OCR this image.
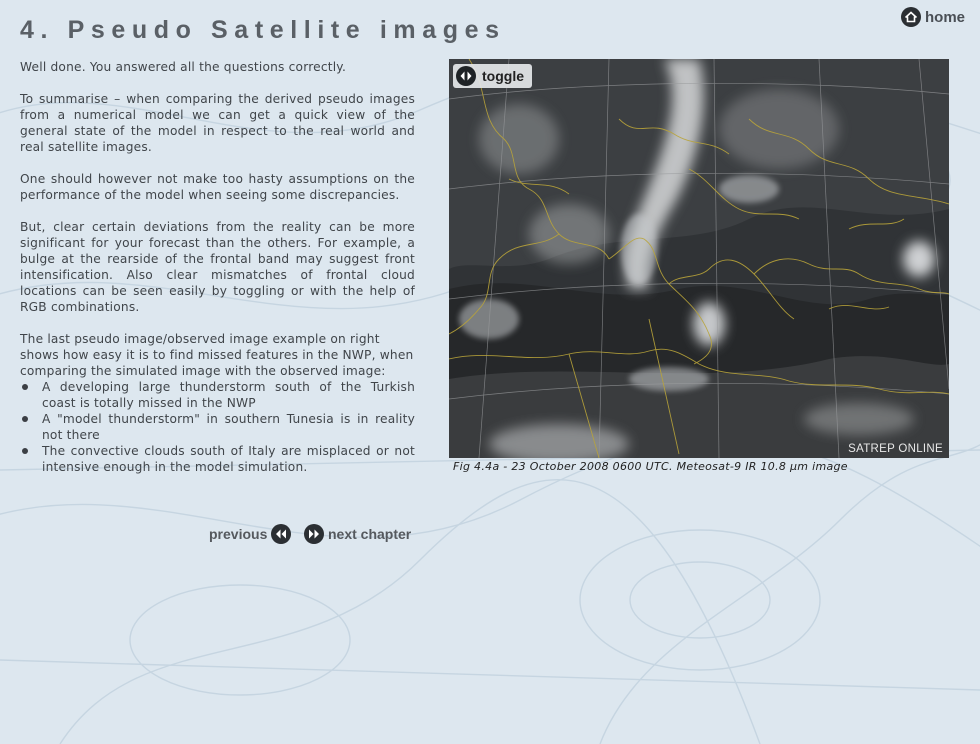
4. Pseudo Satellite images	home

Well done. You answered all the questions correctly.

To summarise – when comparing the derived pseudo images from a numerical model we can get a quick view of the general state of the model in respect to the real world and real satellite images.

One should however not make too hasty assumptions on the performance of the model when seeing some discrepancies.

But, clear certain deviations from the reality can be more significant for your forecast than the others. For example, a bulge at the rearside of the frontal band may suggest front intensification. Also clear mismatches of frontal cloud locations can be seen easily by toggling or with the help of RGB combinations.

The last pseudo image/observed image example on right shows how easy it is to find missed features in the NWP, when comparing the simulated image with the observed image:

A developing large thunderstorm south of the Turkish coast is totally missed in the NWP
A "model thunderstorm" in southern Tunesia is in reality not there
The convective clouds south of Italy are misplaced or not intensive enough in the model simulation.
previous	next chapter
toggle
SATREP ONLINE
Fig 4.4a - 23 October 2008 0600 UTC. Meteosat-9 IR 10.8 μm image
